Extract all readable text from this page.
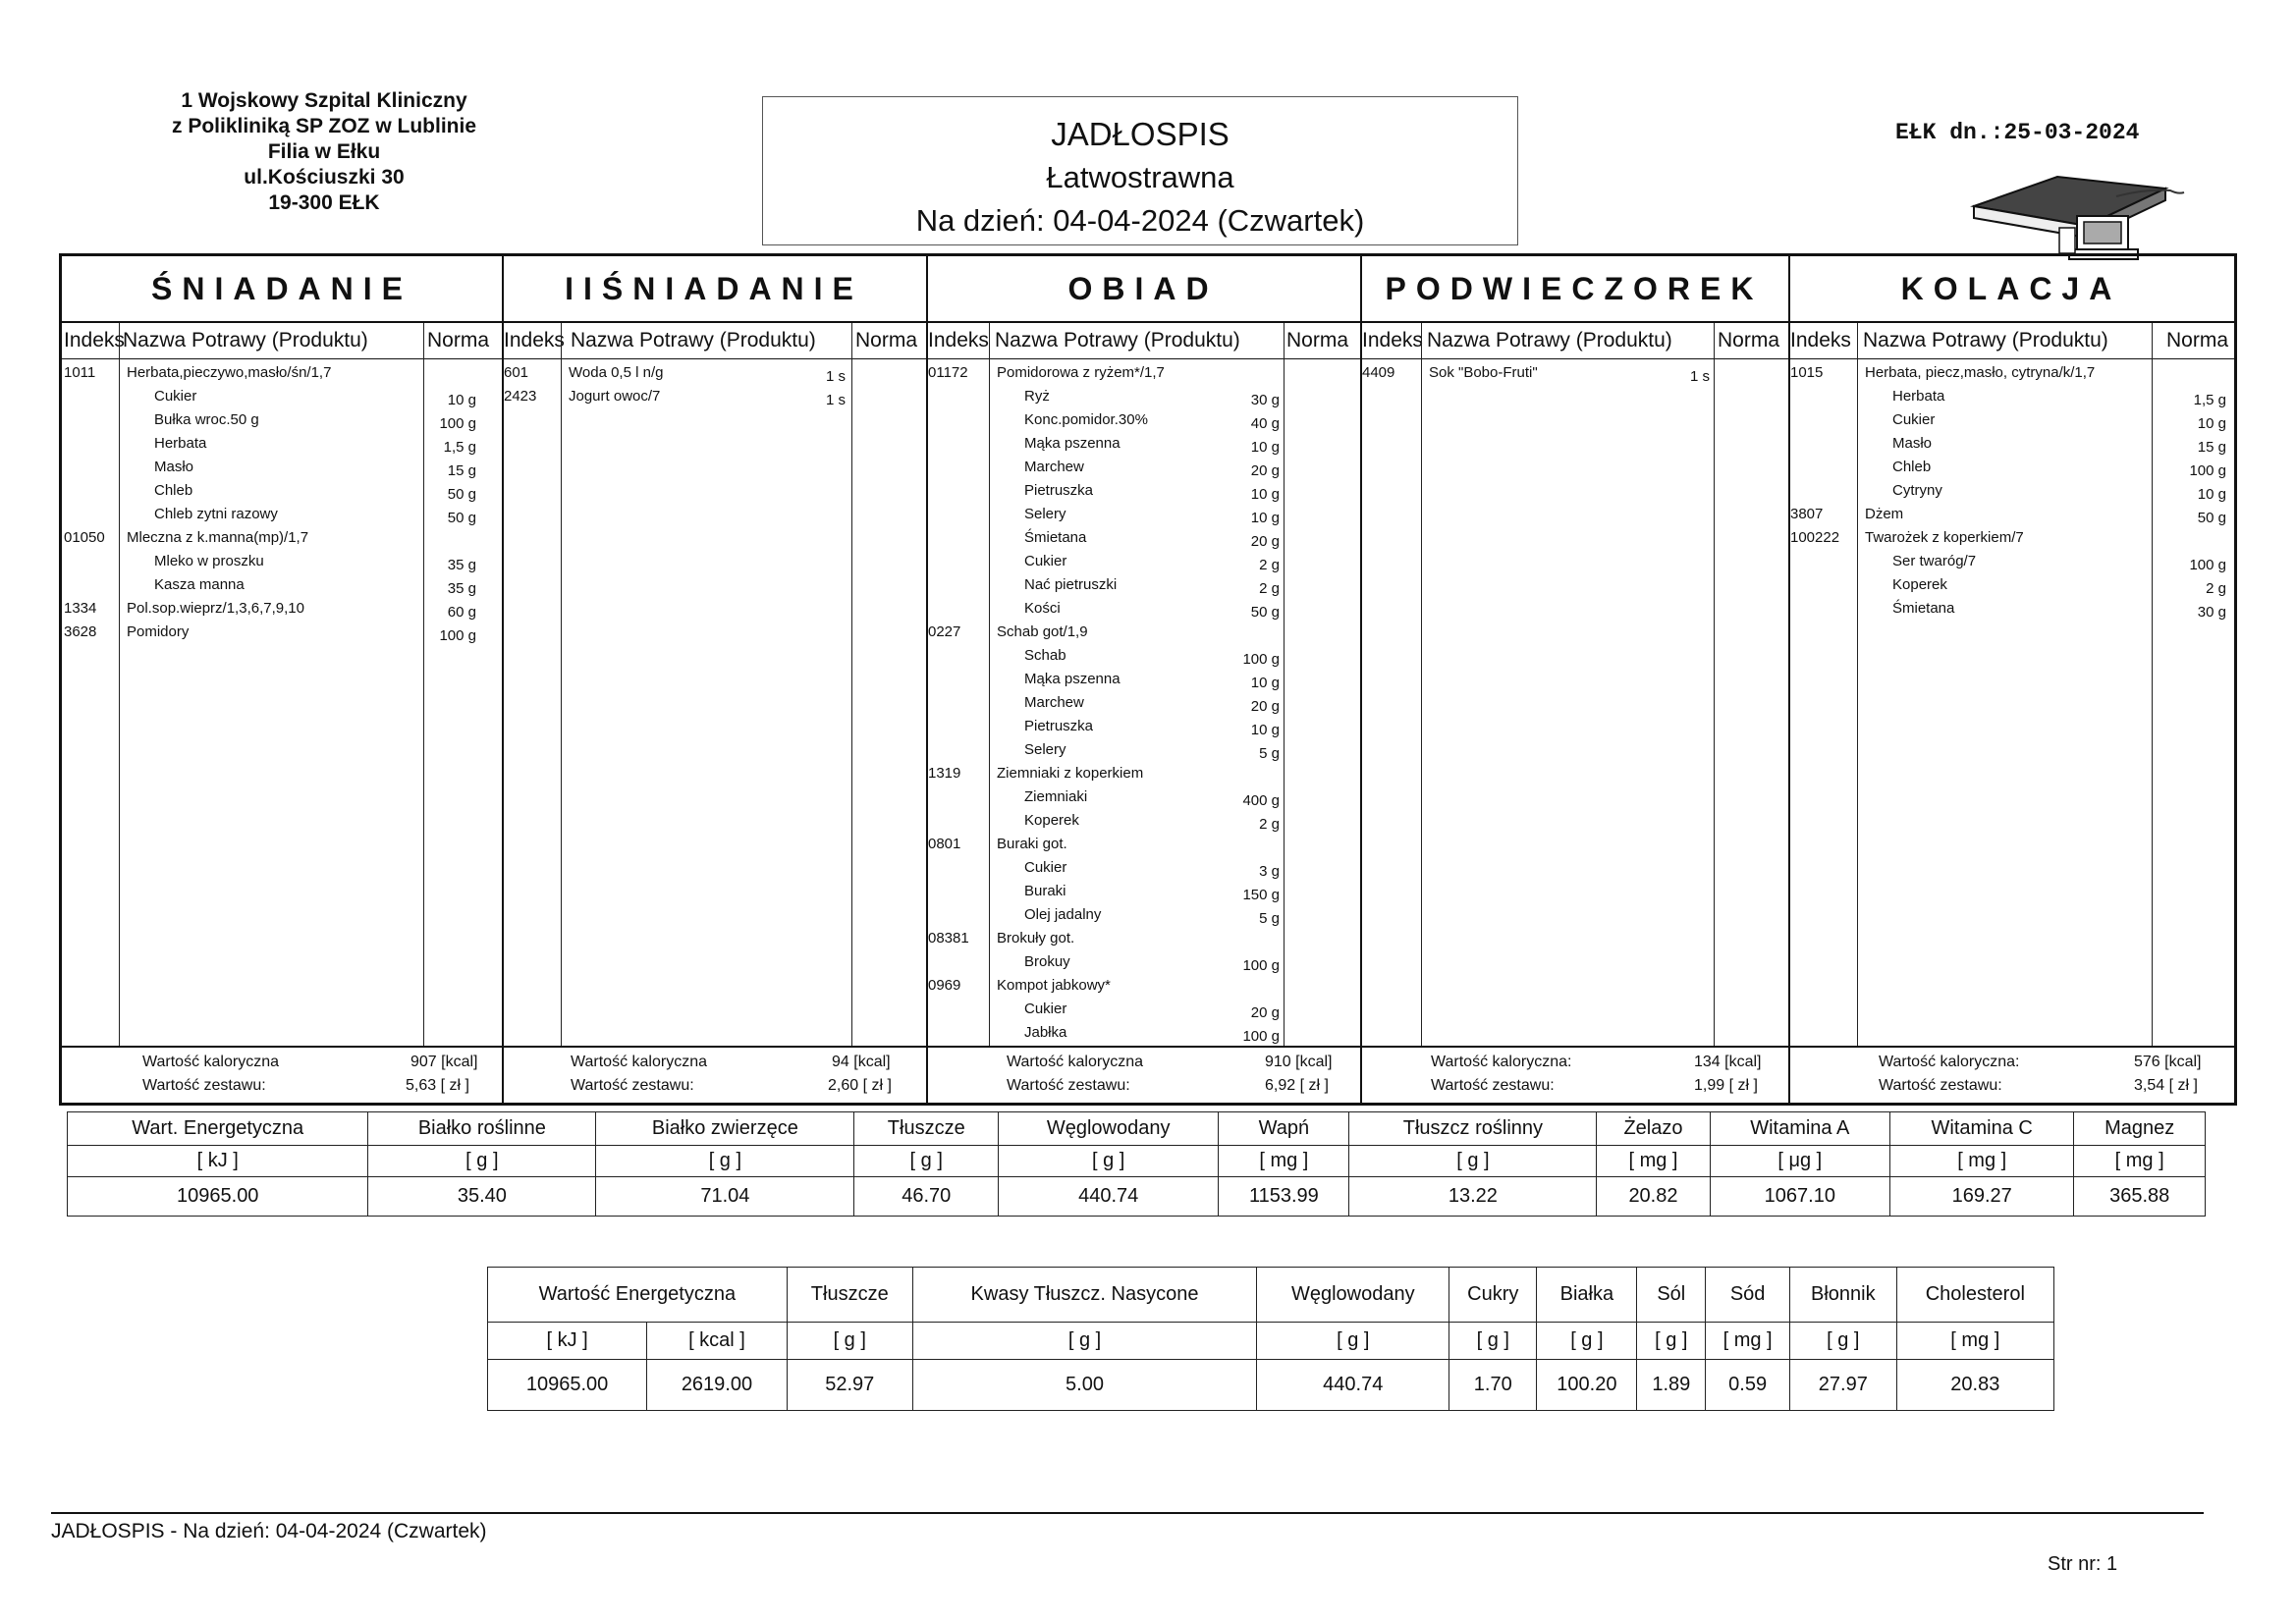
1 Wojskowy Szpital Kliniczny
z Polikliniką SP ZOZ w Lublinie
Filia w Ełku
ul.Kościuszki 30
19-300 EŁK
JADŁOSPIS
Łatwostrawna
Na dzień: 04-04-2024 (Czwartek)
EŁK dn.:25-03-2024
ŚNIADANIE
Indeks
Nazwa Potrawy (Produktu)	Norma
1011 Herbata,pieczywo,masło/śn/1,7
Cukier	10 g
Bułka wroc.50 g	100 g
Herbata	1,5 g
Masło	15 g
Chleb	50 g
Chleb zytni razowy	50 g
01050 Mleczna z k.manna(mp)/1,7
Mleko w proszku	35 g
Kasza manna	35 g
1334 Pol.sop.wieprz/1,3,6,7,9,10	60 g
3628 Pomidory	100 g
Wartość kaloryczna	907 [kcal]
Wartość zestawu:	5,63 [ zł ]
IIŚNIADANIE
Indeks Nazwa Potrawy (Produktu) Norma
601	Woda 0,5 l n/g	1 s
2423 Jogurt owoc/7	1 s
Wartość kaloryczna	94 [kcal]
Wartość zestawu:	2,60 [ zł ]
OBIAD
Indeks Nazwa Potrawy (Produktu) Norma
01172 Pomidorowa z ryżem*/1,7
Ryż	30 g
Konc.pomidor.30%	40 g
Mąka pszenna	10 g
Marchew	20 g
Pietruszka	10 g
Selery	10 g
Śmietana	20 g
Cukier	2 g
Nać pietruszki	2 g
Kości	50 g
0227 Schab got/1,9
Schab	100 g
Mąka pszenna	10 g
Marchew	20 g
Pietruszka	10 g
Selery	5 g
1319 Ziemniaki z koperkiem
Ziemniaki	400 g
Koperek	2 g
0801 Buraki got.
Cukier	3 g
Buraki	150 g
Olej jadalny	5 g
08381 Brokuły got.
Brokuy	100 g
0969 Kompot jabkowy*
Cukier	20 g
Jabłka	100 g
Wartość kaloryczna	910 [kcal]
Wartość zestawu:	6,92 [ zł ]
PODWIECZOREK
Indeks Nazwa Potrawy (Produktu) Norma
4409 Sok "Bobo-Fruti"	1 s
Wartość kaloryczna:	134 [kcal]
Wartość zestawu:	1,99 [ zł ]
KOLACJA
Indeks Nazwa Potrawy (Produktu)	Norma
1015	Herbata, piecz,masło, cytryna/k/1,7
Herbata	1,5 g
Cukier	10 g
Masło	15 g
Chleb	100 g
Cytryny	10 g
3807	Dżem	50 g
100222 Twarożek z koperkiem/7
Ser twaróg/7	100 g
Koperek	2 g
Śmietana	30 g
Wartość kaloryczna:	576 [kcal]
Wartość zestawu:	3,54 [ zł ]
Wart. Energetyczna	Białko roślinne	Białko zwierzęce	Tłuszcze	Węglowodany	Wapń	Tłuszcz roślinny	Żelazo	Witamina A	Witamina C	Magnez
[ kJ ]	[ g ]	[ g ]	[ g ]	[ g ]	[ mg ]	[ g ]	[ mg ]	[ μg ]	[ mg ]	[ mg ]
10965.00	35.40	71.04	46.70	440.74	1153.99	13.22	20.82	1067.10	169.27	365.88
Wartość Energetyczna		Tłuszcze	Kwasy Tłuszcz. Nasycone	Węglowodany	Cukry	Białka	Sól	Sód	Błonnik	Cholesterol
[ kJ ]	[ kcal ]	[ g ]	[ g ]	[ g ]	[ g ]	[ g ]	[ g ]	[ mg ]	[ g ]	[ mg ]
10965.00	2619.00	52.97	5.00	440.74	1.70	100.20	1.89	0.59	27.97	20.83
JADŁOSPIS - Na dzień: 04-04-2024 (Czwartek)
Str nr: 1
